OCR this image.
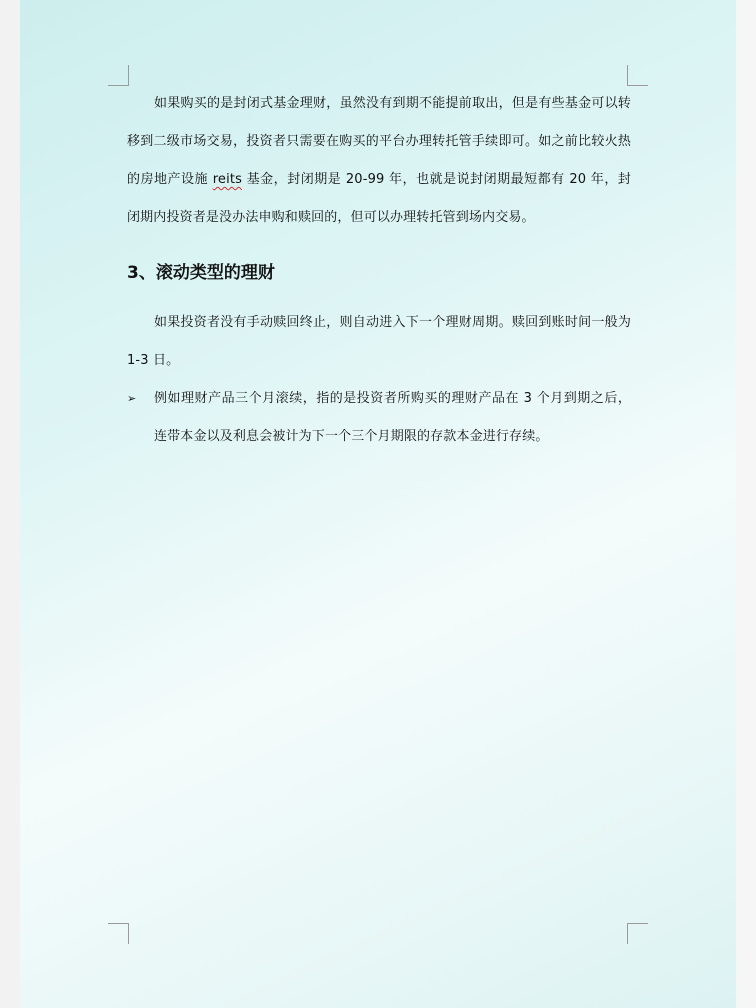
如果购买的是封闭式基金理财，虽然没有到期不能提前取出，但是有些基金可以转移到二级市场交易，投资者只需要在购买的平台办理转托管手续即可。如之前比较火热的房地产设施 reits 基金，封闭期是 20-99 年，也就是说封闭期最短都有 20 年，封闭期内投资者是没办法申购和赎回的，但可以办理转托管到场内交易。

3、滚动类型的理财

如果投资者没有手动赎回终止，则自动进入下一个理财周期。赎回到账时间一般为 1-3 日。

➢ 例如理财产品三个月滚续，指的是投资者所购买的理财产品在 3 个月到期之后，连带本金以及利息会被计为下一个三个月期限的存款本金进行存续。
